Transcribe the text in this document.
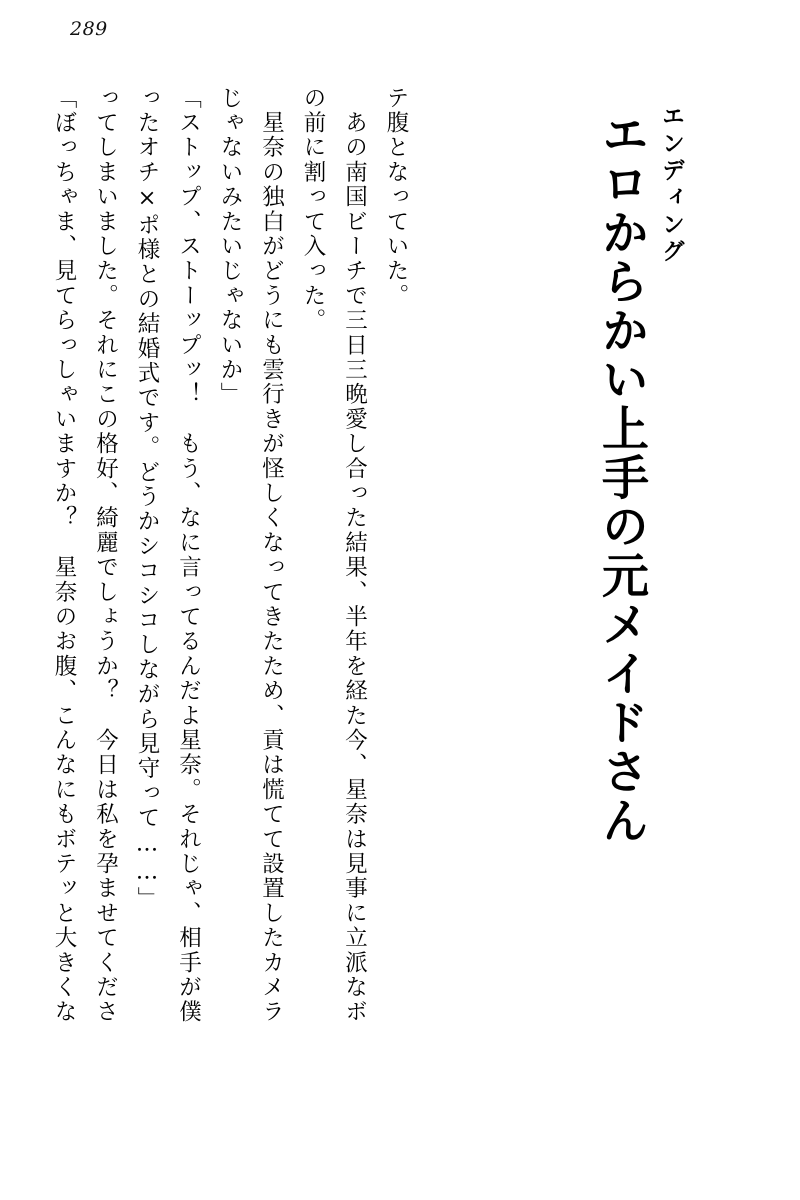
289
エンディング
エロからかい上手の元メイドさん
「ぼっちゃま、見てらっしゃいますか？　星奈のお腹、こんなにもボテッと大きくな ってしまいました。それにこの格好、綺麗でしょうか？　今日は私を孕ませてくださ ったオチ×ポ様との結婚式です。どうかシコシコしながら見守って……」 「ストップ、ストーップッ！　もう、なに言ってるんだよ星奈。それじゃ、相手が僕 じゃないみたいじゃないか」 　星奈の独白がどうにも雲行きが怪しくなってきたため、貢は慌てて設置したカメラ の前に割って入った。 　あの南国ビーチで三日三晩愛し合った結果、半年を経た今、星奈は見事に立派なボ テ腹となっていた。
